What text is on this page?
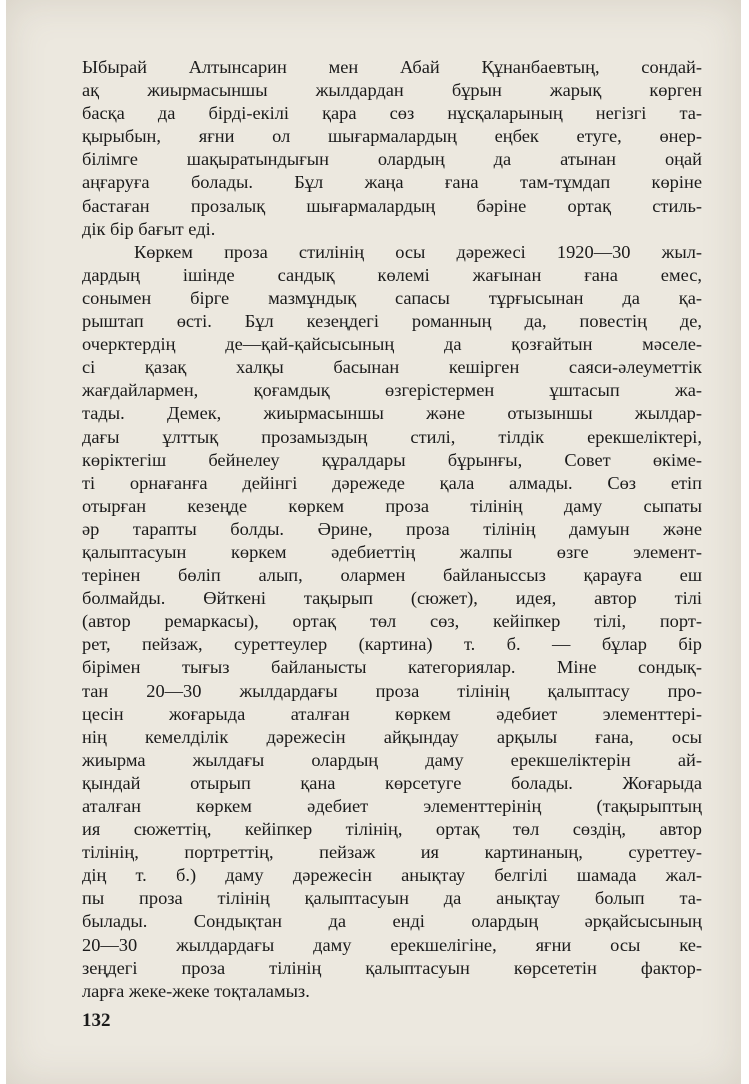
Ыбырай Алтынсарин мен Абай Құнанбаевтың, сондай-
ақ жиырмасыншы жылдардан бұрын жарық көрген
басқа да бірді-екілі қара сөз нұсқаларының негізгі та-
қырыбын, яғни ол шығармалардың еңбек етуге, өнер-
білімге шақыратындығын олардың да атынан оңай
аңғаруға болады. Бұл жаңа ғана там-тұмдап көріне
бастаған прозалық шығармалардың бәріне ортақ стиль-
дік бір бағыт еді.
Көркем проза стилінің осы дәрежесі 1920—30 жыл-
дардың ішінде сандық көлемі жағынан ғана емес,
сонымен бірге мазмұндық сапасы тұрғысынан да қа-
рыштап өсті. Бұл кезеңдегі романның да, повестің де,
очерктердің де—қай-қайсысының да қозғайтын мәселе-
сі қазақ халқы басынан кешірген саяси-әлеуметтік
жағдайлармен, қоғамдық өзгерістермен ұштасып жа-
тады. Демек, жиырмасыншы және отызыншы жылдар-
дағы ұлттық прозамыздың стилі, тілдік ерекшеліктері,
көріктегіш бейнелеу құралдары бұрынғы, Совет өкіме-
ті орнағанға дейінгі дәрежеде қала алмады. Сөз етіп
отырған кезеңде көркем проза тілінің даму сыпаты
әр тарапты болды. Әрине, проза тілінің дамуын және
қалыптасуын көркем әдебиеттің жалпы өзге элемент-
терінен бөліп алып, олармен байланыссыз қарауға еш
болмайды. Өйткені тақырып (сюжет), идея, автор тілі
(автор ремаркасы), ортақ төл сөз, кейіпкер тілі, порт-
рет, пейзаж, суреттеулер (картина) т. б. — бұлар бір
бірімен тығыз байланысты категориялар. Міне сондық-
тан 20—30 жылдардағы проза тілінің қалыптасу про-
цесін жоғарыда аталған көркем әдебиет элементтері-
нің кемелділік дәрежесін айқындау арқылы ғана, осы
жиырма жылдағы олардың даму ерекшеліктерін ай-
қындай отырып қана көрсетуге болады. Жоғарыда
аталған көркем әдебиет элементтерінің (тақырыптың
ия сюжеттің, кейіпкер тілінің, ортақ төл сөздің, автор
тілінің, портреттің, пейзаж ия картинаның, суреттеу-
дің т. б.) даму дәрежесін анықтау белгілі шамада жал-
пы проза тілінің қалыптасуын да анықтау болып та-
былады. Сондықтан да енді олардың әрқайсысының
20—30 жылдардағы даму ерекшелігіне, яғни осы ке-
зеңдегі проза тілінің қалыптасуын көрсететін фактор-
ларға жеке-жеке тоқталамыз.
132
